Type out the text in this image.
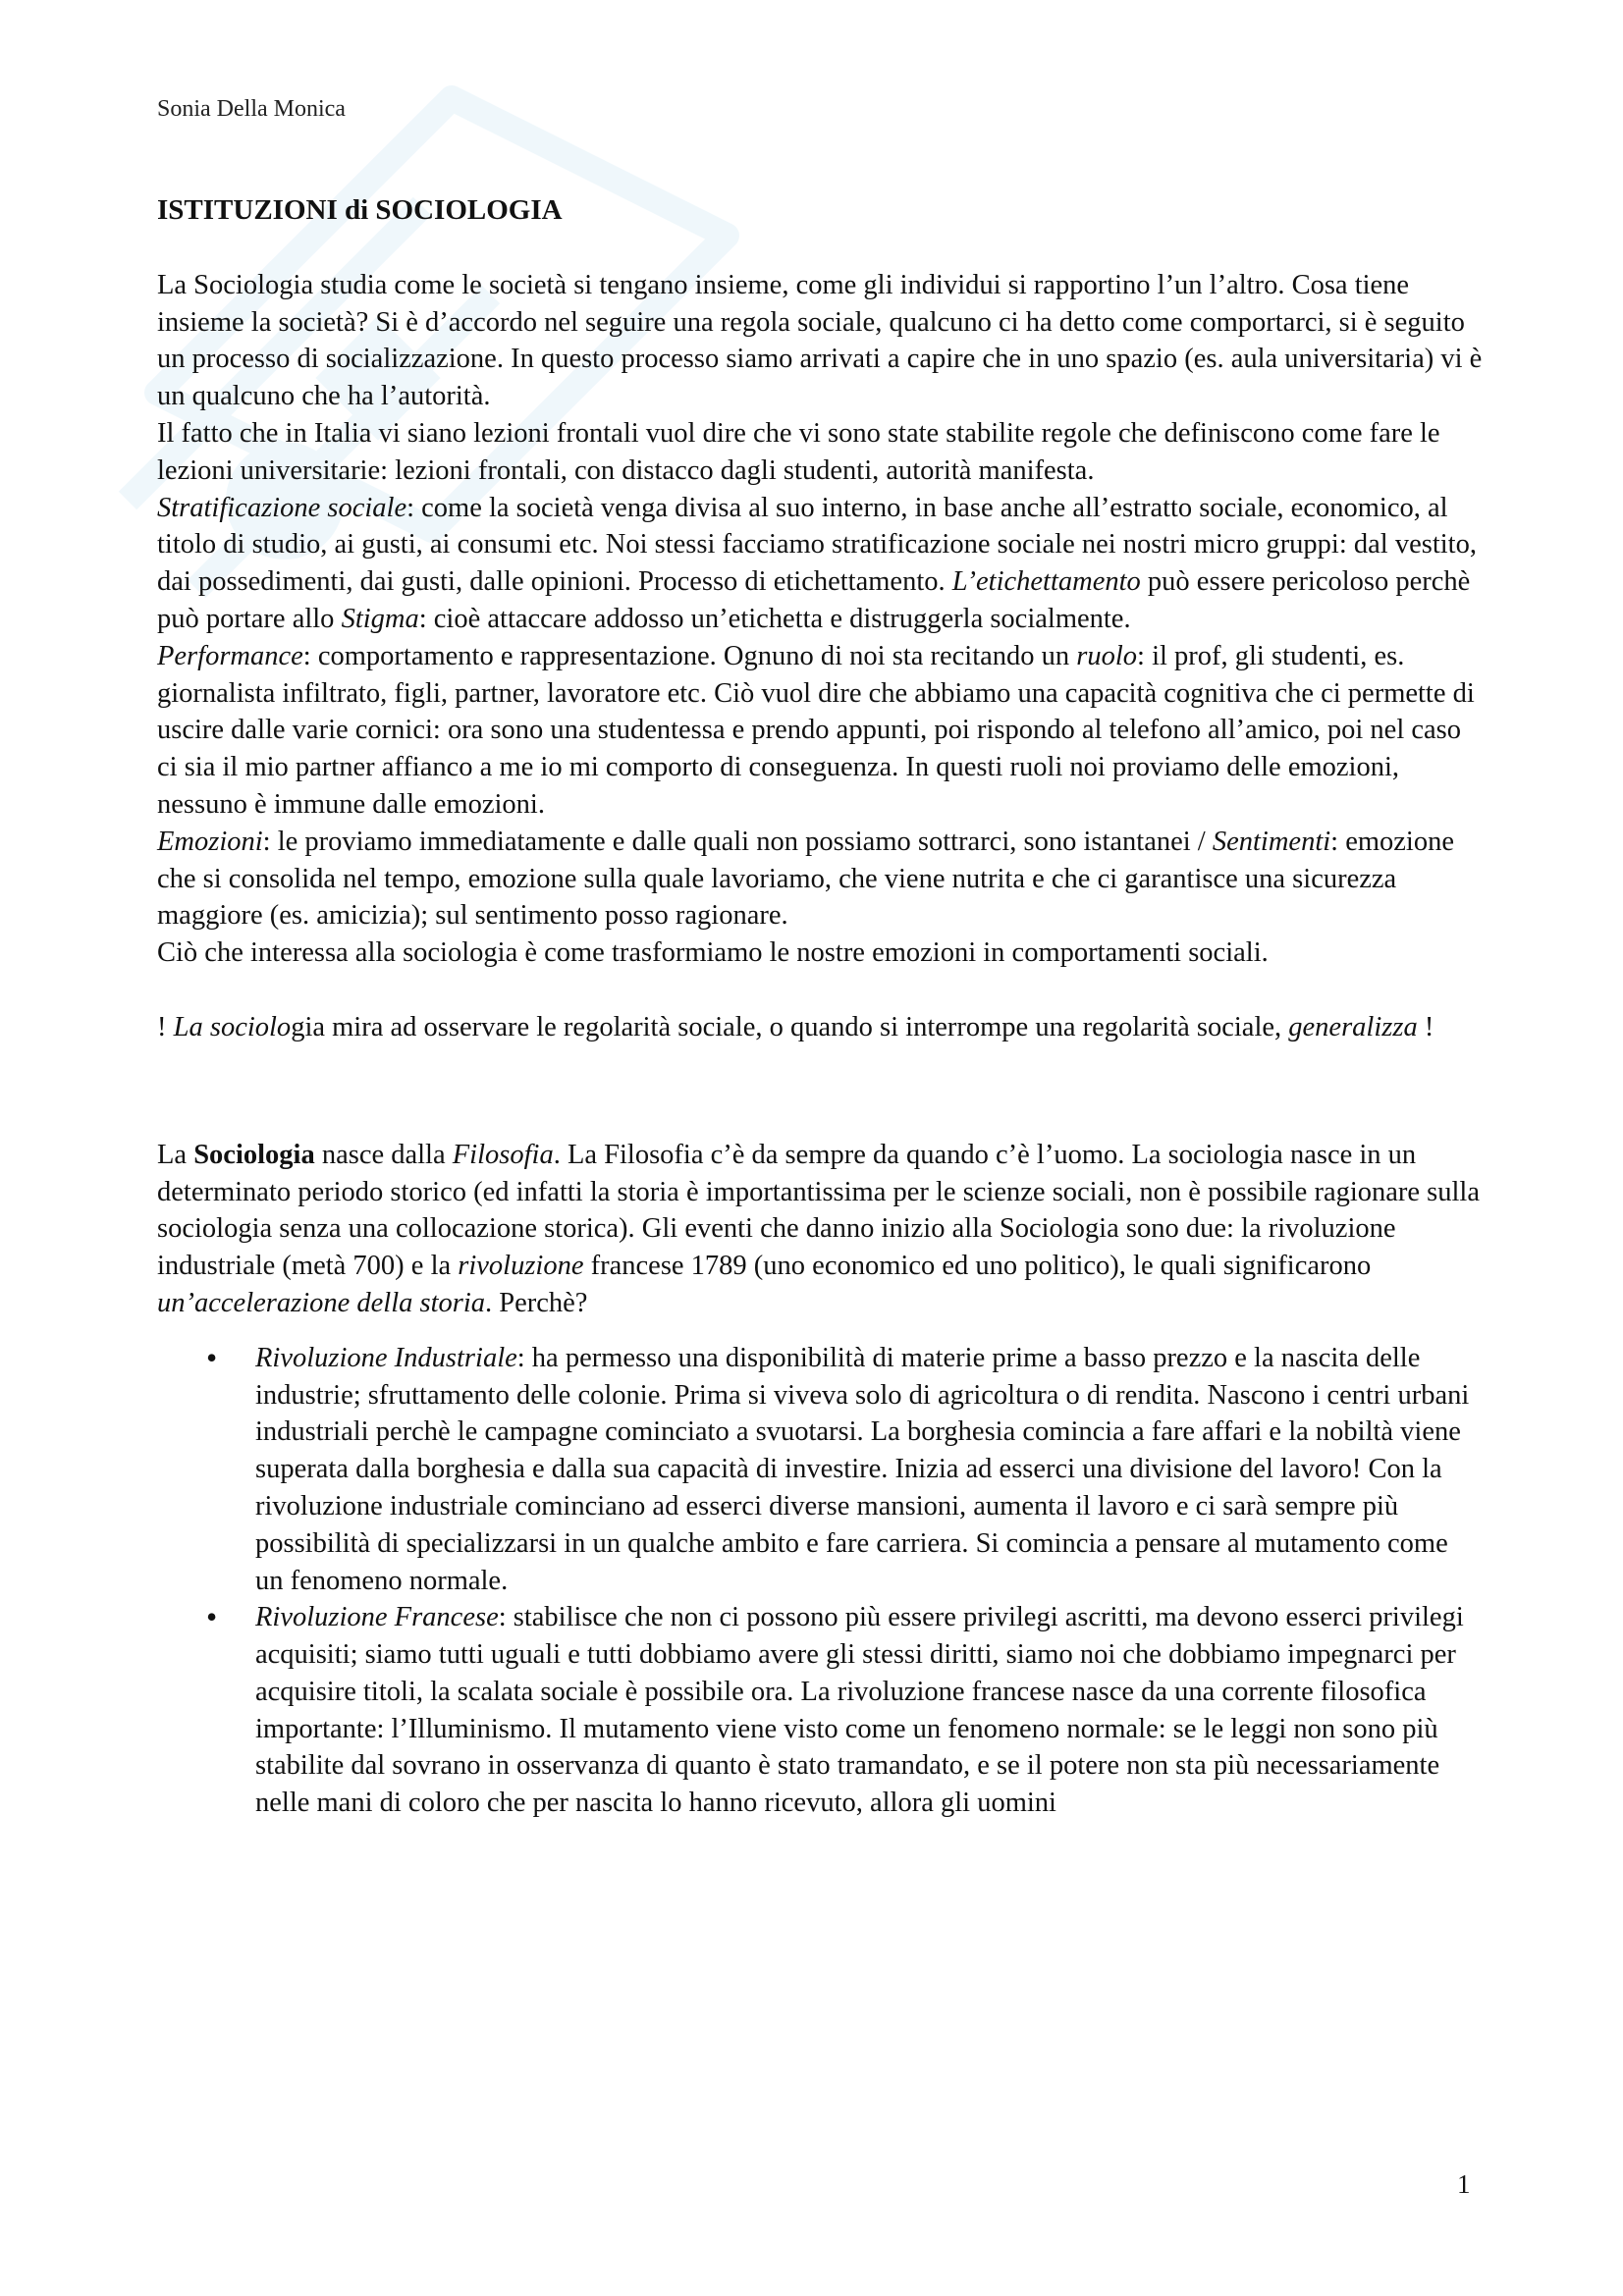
Sonia Della Monica
ISTITUZIONI di SOCIOLOGIA

La Sociologia studia come le società si tengano insieme, come gli individui si rapportino l’un l’altro. Cosa tiene insieme la società? Si è d’accordo nel seguire una regola sociale, qualcuno ci ha detto come comportarci, si è seguito un processo di socializzazione. In questo processo siamo arrivati a capire che in uno spazio (es. aula universitaria) vi è un qualcuno che ha l’autorità.

Il fatto che in Italia vi siano lezioni frontali vuol dire che vi sono state stabilite regole che definiscono come fare le lezioni universitarie: lezioni frontali, con distacco dagli studenti, autorità manifesta.

Stratificazione sociale: come la società venga divisa al suo interno, in base anche all’estratto sociale, economico, al titolo di studio, ai gusti, ai consumi etc. Noi stessi facciamo stratificazione sociale nei nostri micro gruppi: dal vestito, dai possedimenti, dai gusti, dalle opinioni. Processo di etichettamento. L’etichettamento può essere pericoloso perchè può portare allo Stigma: cioè attaccare addosso un’etichetta e distruggerla socialmente.

Performance: comportamento e rappresentazione. Ognuno di noi sta recitando un ruolo: il prof, gli studenti, es. giornalista infiltrato, figli, partner, lavoratore etc. Ciò vuol dire che abbiamo una capacità cognitiva che ci permette di uscire dalle varie cornici: ora sono una studentessa e prendo appunti, poi rispondo al telefono all’amico, poi nel caso ci sia il mio partner affianco a me io mi comporto di conseguenza. In questi ruoli noi proviamo delle emozioni, nessuno è immune dalle emozioni.

Emozioni: le proviamo immediatamente e dalle quali non possiamo sottrarci, sono istantanei / Sentimenti: emozione che si consolida nel tempo, emozione sulla quale lavoriamo, che viene nutrita e che ci garantisce una sicurezza maggiore (es. amicizia); sul sentimento posso ragionare.

Ciò che interessa alla sociologia è come trasformiamo le nostre emozioni in comportamenti sociali.

! La sociologia mira ad osservare le regolarità sociale, o quando si interrompe una regolarità sociale, generalizza !

La Sociologia nasce dalla Filosofia. La Filosofia c’è da sempre da quando c’è l’uomo. La sociologia nasce in un determinato periodo storico (ed infatti la storia è importantissima per le scienze sociali, non è possibile ragionare sulla sociologia senza una collocazione storica). Gli eventi che danno inizio alla Sociologia sono due: la rivoluzione industriale (metà 700) e la rivoluzione francese 1789 (uno economico ed uno politico), le quali significarono un’accelerazione della storia. Perchè?

• Rivoluzione Industriale: ha permesso una disponibilità di materie prime a basso prezzo e la nascita delle industrie; sfruttamento delle colonie. Prima si viveva solo di agricoltura o di rendita. Nascono i centri urbani industriali perchè le campagne cominciato a svuotarsi. La borghesia comincia a fare affari e la nobiltà viene superata dalla borghesia e dalla sua capacità di investire. Inizia ad esserci una divisione del lavoro! Con la rivoluzione industriale cominciano ad esserci diverse mansioni, aumenta il lavoro e ci sarà sempre più possibilità di specializzarsi in un qualche ambito e fare carriera. Si comincia a pensare al mutamento come un fenomeno normale.
• Rivoluzione Francese: stabilisce che non ci possono più essere privilegi ascritti, ma devono esserci privilegi acquisiti; siamo tutti uguali e tutti dobbiamo avere gli stessi diritti, siamo noi che dobbiamo impegnarci per acquisire titoli, la scalata sociale è possibile ora. La rivoluzione francese nasce da una corrente filosofica importante: l’Illuminismo. Il mutamento viene visto come un fenomeno normale: se le leggi non sono più stabilite dal sovrano in osservanza di quanto è stato tramandato, e se il potere non sta più necessariamente nelle mani di coloro che per nascita lo hanno ricevuto, allora gli uomini
1
